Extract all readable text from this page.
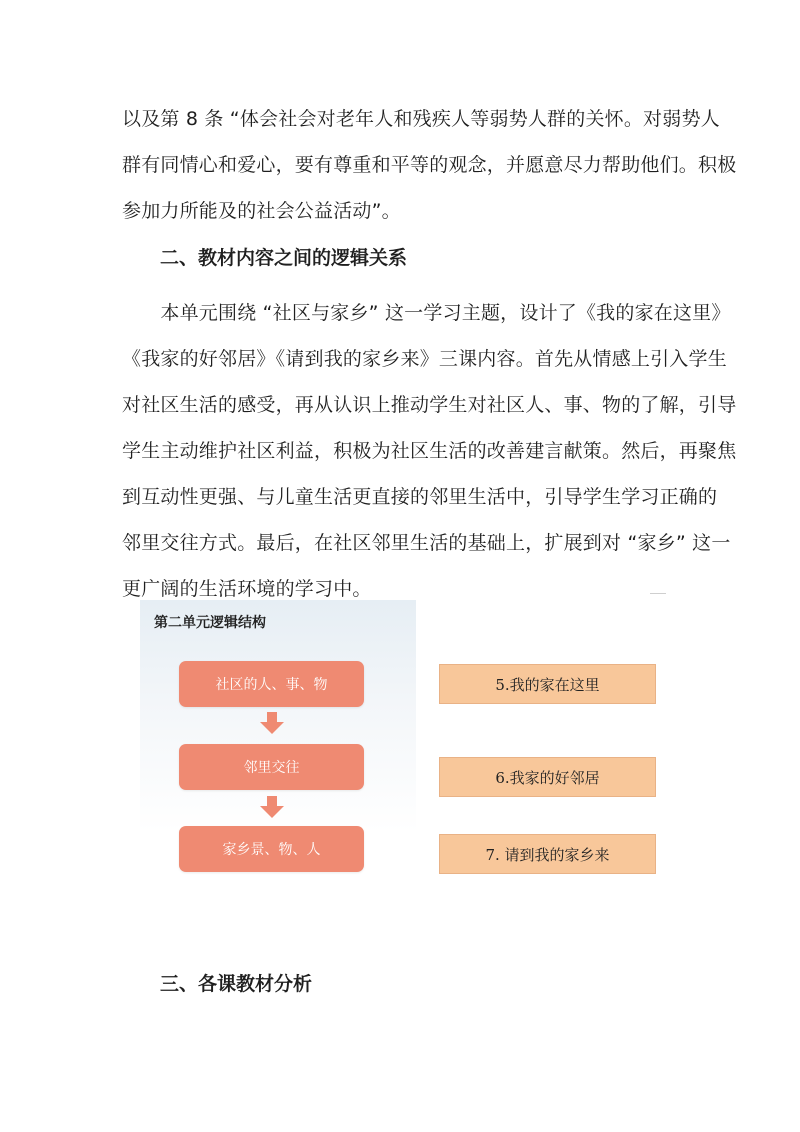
以及第 8 条 “体会社会对老年人和残疾人等弱势人群的关怀。对弱势人
群有同情心和爱心，要有尊重和平等的观念，并愿意尽力帮助他们。积极
参加力所能及的社会公益活动”。

二、教材内容之间的逻辑关系

　　本单元围绕 “社区与家乡” 这一学习主题，设计了《我的家在这里》
《我家的好邻居》《请到我的家乡来》三课内容。首先从情感上引入学生
对社区生活的感受，再从认识上推动学生对社区人、事、物的了解，引导
学生主动维护社区利益，积极为社区生活的改善建言献策。然后，再聚焦
到互动性更强、与儿童生活更直接的邻里生活中，引导学生学习正确的
邻里交往方式。最后，在社区邻里生活的基础上，扩展到对 “家乡” 这一
更广阔的生活环境的学习中。

第二单元逻辑结构
社区的人、事、物
邻里交往
家乡景、物、人
5.我的家在这里
6.我家的好邻居
7. 请到我的家乡来
三、各课教材分析
